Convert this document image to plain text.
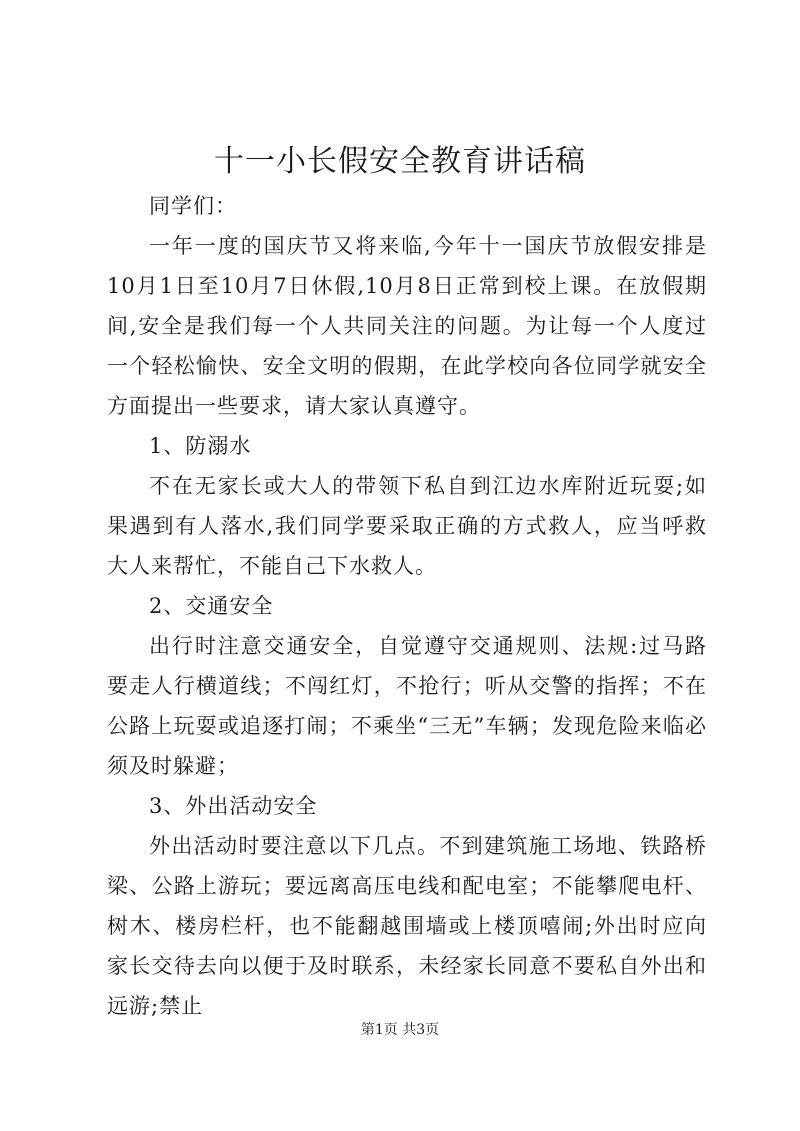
十一小长假安全教育讲话稿

同学们：

一年一度的国庆节又将来临,今年十一国庆节放假安排是10月1日至10月7日休假,10月8日正常到校上课。在放假期间,安全是我们每一个人共同关注的问题。为让每一个人度过一个轻松愉快、安全文明的假期，在此学校向各位同学就安全方面提出一些要求，请大家认真遵守。

1、防溺水

不在无家长或大人的带领下私自到江边水库附近玩耍;如果遇到有人落水,我们同学要采取正确的方式救人，应当呼救大人来帮忙，不能自己下水救人。

2、交通安全

出行时注意交通安全，自觉遵守交通规则、法规:过马路要走人行横道线；不闯红灯，不抢行；听从交警的指挥；不在公路上玩耍或追逐打闹；不乘坐“三无”车辆；发现危险来临必须及时躲避；

3、外出活动安全

外出活动时要注意以下几点。不到建筑施工场地、铁路桥梁、公路上游玩；要远离高压电线和配电室；不能攀爬电杆、树木、楼房栏杆，也不能翻越围墙或上楼顶嘻闹;外出时应向家长交待去向以便于及时联系，未经家长同意不要私自外出和远游;禁止

第1页 共3页
